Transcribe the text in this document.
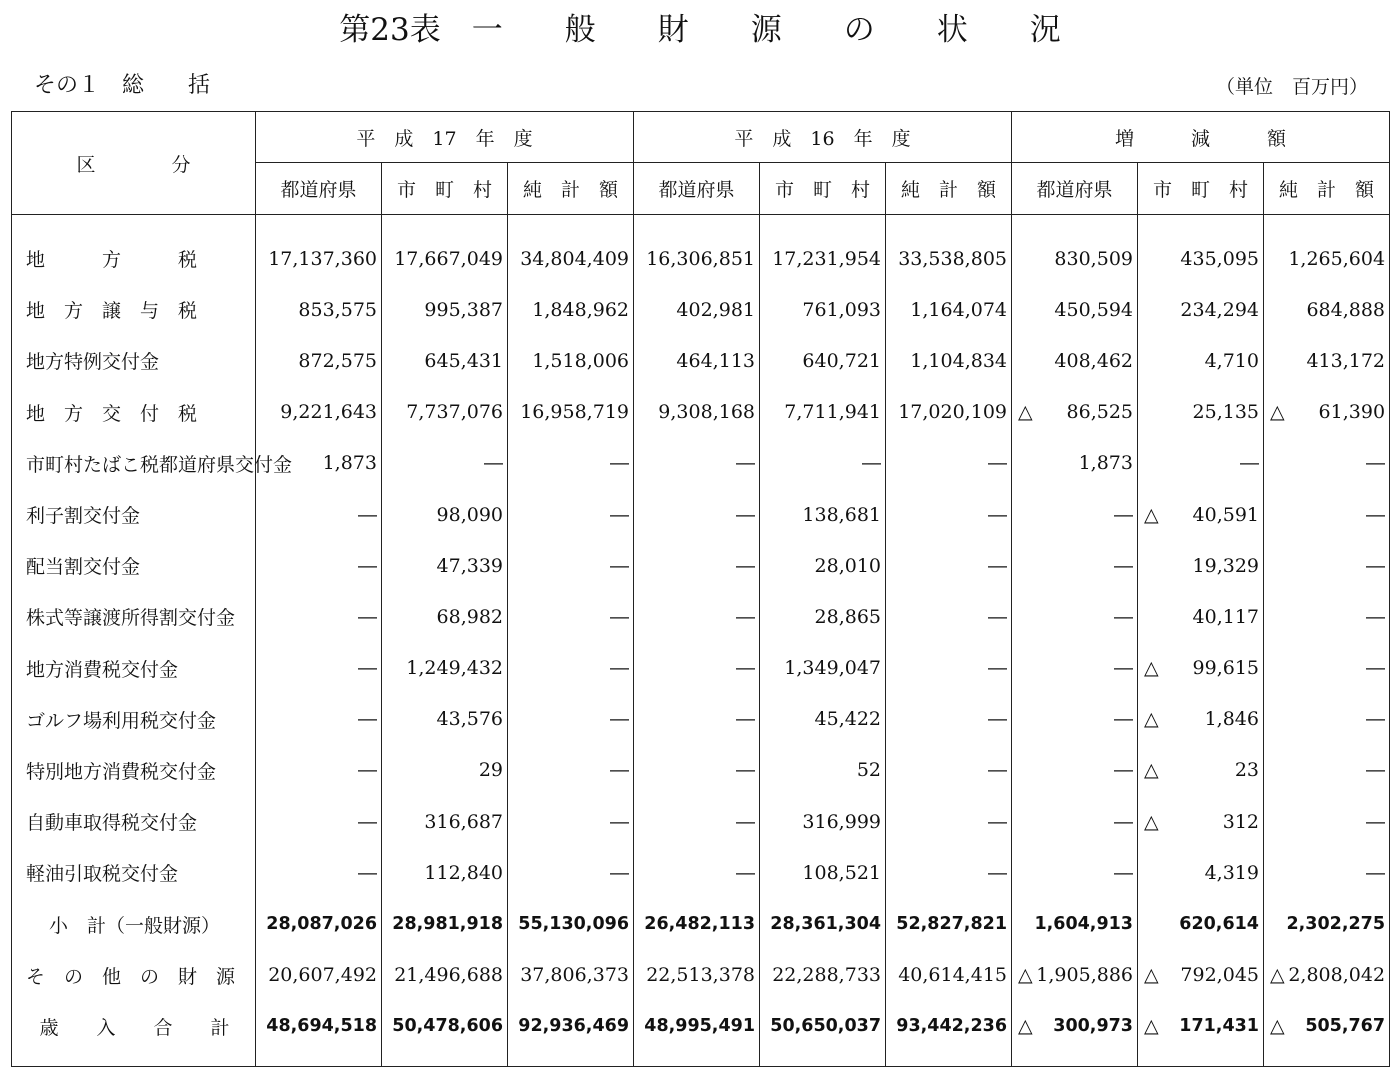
第23表　一　　般　　財　　源　　の　　状　　況
その１　総　　括	（単位　百万円）
区　　　　分	平　成　17　年　度			平　成　16　年　度			増　　　減　　　額		
	都道府県	市　町　村	純　計　額	都道府県	市　町　村	純　計　額	都道府県	市　町　村	純　計　額

地　　　方　　　税	17,137,360	17,667,049	34,804,409	16,306,851	17,231,954	33,538,805	830,509	435,095	1,265,604
地　方　譲　与　税	853,575	995,387	1,848,962	402,981	761,093	1,164,074	450,594	234,294	684,888
地方特例交付金	872,575	645,431	1,518,006	464,113	640,721	1,104,834	408,462	4,710	413,172
地　方　交　付　税	9,221,643	7,737,076	16,958,719	9,308,168	7,711,941	17,020,109	△ 86,525	25,135	△ 61,390
市町村たばこ税都道府県交付金	1,873	―	―	―	―	―	1,873	―	―
利子割交付金	―	98,090	―	―	138,681	―	―	△ 40,591	―
配当割交付金	―	47,339	―	―	28,010	―	―	19,329	―
株式等譲渡所得割交付金	―	68,982	―	―	28,865	―	―	40,117	―
地方消費税交付金	―	1,249,432	―	―	1,349,047	―	―	△ 99,615	―
ゴルフ場利用税交付金	―	43,576	―	―	45,422	―	―	△ 1,846	―
特別地方消費税交付金	―	29	―	―	52	―	―	△ 23	―
自動車取得税交付金	―	316,687	―	―	316,999	―	―	△ 312	―
軽油引取税交付金	―	112,840	―	―	108,521	―	―	4,319	―
小　計（一般財源）	28,087,026	28,981,918	55,130,096	26,482,113	28,361,304	52,827,821	1,604,913	620,614	2,302,275
そ　の　他　の　財　源	20,607,492	21,496,688	37,806,373	22,513,378	22,288,733	40,614,415	△ 1,905,886	△ 792,045	△ 2,808,042
歳　　入　　合　　計	48,694,518	50,478,606	92,936,469	48,995,491	50,650,037	93,442,236	△ 300,973	△ 171,431	△ 505,767
